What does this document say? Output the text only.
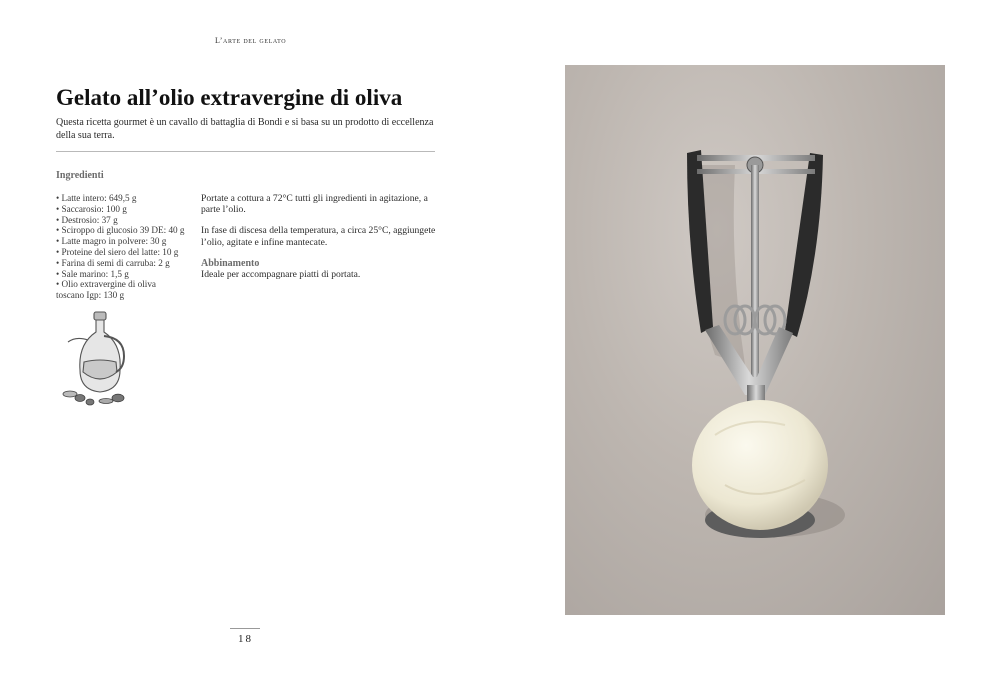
L’arte del gelato
Gelato all’olio extravergine di oliva
Questa ricetta gourmet è un cavallo di battaglia di Bondi e si basa su un prodotto di eccellenza della sua terra.
Ingredienti
• Latte intero: 649,5 g
• Saccarosio: 100 g
• Destrosio: 37 g
• Sciroppo di glucosio 39 DE: 40 g
• Latte magro in polvere: 30 g
• Proteine del siero del latte: 10 g
• Farina di semi di carruba: 2 g
• Sale marino: 1,5 g
• Olio extravergine di oliva
toscano Igp: 130 g

Portate a cottura a 72°C tutti gli ingredienti in agitazione, a parte l’olio.

In fase di discesa della temperatura, a circa 25°C, aggiungete l’olio, agitate e infine mantecate.

Abbinamento
Ideale per accompagnare piatti di portata.
18
